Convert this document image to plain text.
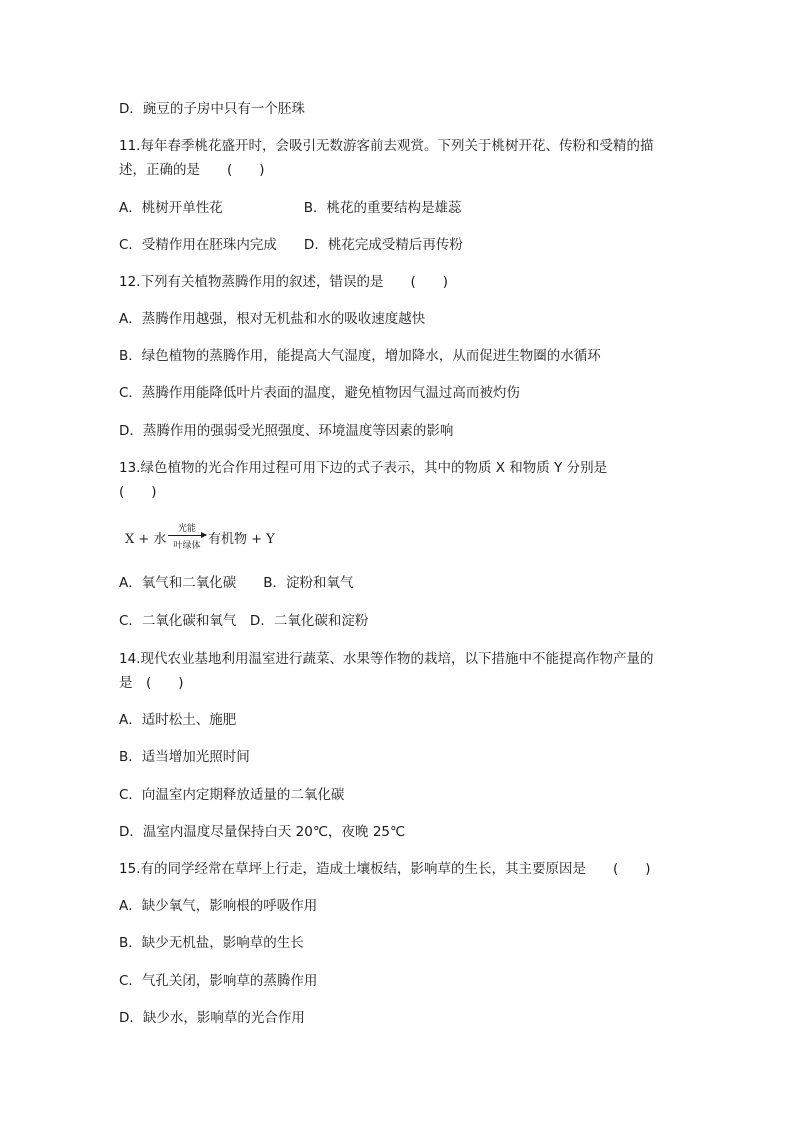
D．豌豆的子房中只有一个胚珠
11.每年春季桃花盛开时，会吸引无数游客前去观赏。下列关于桃树开花、传粉和受精的描
述，正确的是　　(　　)
A．桃树开单性花　　　　　　B．桃花的重要结构是雄蕊
C．受精作用在胚珠内完成　　D．桃花完成受精后再传粉
12.下列有关植物蒸腾作用的叙述，错误的是　　(　　)
A．蒸腾作用越强，根对无机盐和水的吸收速度越快
B．绿色植物的蒸腾作用，能提高大气湿度，增加降水，从而促进生物圈的水循环
C．蒸腾作用能降低叶片表面的温度，避免植物因气温过高而被灼伤
D．蒸腾作用的强弱受光照强度、环境温度等因素的影响
13.绿色植物的光合作用过程可用下边的式子表示，其中的物质 X 和物质 Y 分别是
(　　)
X + 水
光能
叶绿体 有机物 + Y
A．氧气和二氧化碳　　B．淀粉和氧气
C．二氧化碳和氧气　D．二氧化碳和淀粉
14.现代农业基地利用温室进行蔬菜、水果等作物的栽培，以下措施中不能提高作物产量的
是　(　　)
A．适时松土、施肥
B．适当增加光照时间
C．向温室内定期释放适量的二氧化碳
D．温室内温度尽量保持白天 20℃，夜晚 25℃
15.有的同学经常在草坪上行走，造成土壤板结，影响草的生长，其主要原因是　　(　　)
A．缺少氧气，影响根的呼吸作用
B．缺少无机盐，影响草的生长
C．气孔关闭，影响草的蒸腾作用
D．缺少水，影响草的光合作用
